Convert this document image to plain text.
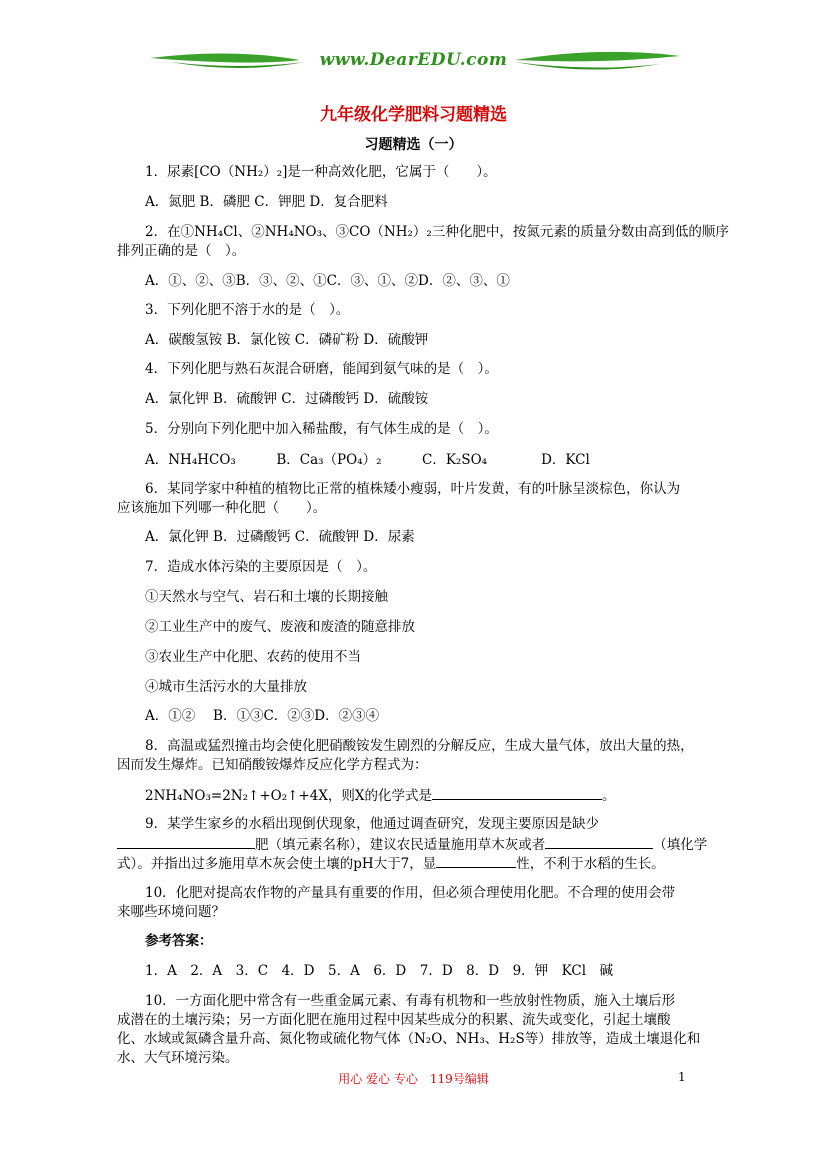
www.DearEDU.com
九年级化学肥料习题精选
习题精选（一）
1．尿素[CO（NH₂）₂]是一种高效化肥，它属于（　　）。
A．氮肥 B．磷肥 C．钾肥 D．复合肥料
2．在①NH₄Cl、②NH₄NO₃、③CO（NH₂）₂三种化肥中，按氮元素的质量分数由高到低的顺序
排列正确的是（　）。
A．①、②、③B．③、②、①C．③、①、②D．②、③、①
3．下列化肥不溶于水的是（　）。
A．碳酸氢铵 B．氯化铵 C．磷矿粉 D．硫酸钾
4．下列化肥与熟石灰混合研磨，能闻到氨气味的是（　）。
A．氯化钾 B．硫酸钾 C．过磷酸钙 D．硫酸铵
5．分别向下列化肥中加入稀盐酸，有气体生成的是（　）。
A．NH₄HCO₃　　　B．Ca₃（PO₄）₂　　　C．K₂SO₄　　　　D．KCl
6．某同学家中种植的植物比正常的植株矮小瘦弱，叶片发黄，有的叶脉呈淡棕色，你认为
应该施加下列哪一种化肥（　　）。
A．氯化钾 B．过磷酸钙 C．硫酸钾 D．尿素
7．造成水体污染的主要原因是（　）。
①天然水与空气、岩石和土壤的长期接触
②工业生产中的废气、废液和废渣的随意排放
③农业生产中化肥、农药的使用不当
④城市生活污水的大量排放
A．①②　 B．①③C．②③D．②③④
8．高温或猛烈撞击均会使化肥硝酸铵发生剧烈的分解反应，生成大量气体，放出大量的热，
因而发生爆炸。已知硝酸铵爆炸反应化学方程式为：
2NH₄NO₃=2N₂↑+O₂↑+4X，则X的化学式是	。
9．某学生家乡的水稻出现倒伏现象，他通过调查研究，发现主要原因是缺少
肥（填元素名称），建议农民适量施用草木灰或者	（填化学
式）。并指出过多施用草木灰会使土壤的pH大于7，显	性，不利于水稻的生长。
10．化肥对提高农作物的产量具有重要的作用，但必须合理使用化肥。不合理的使用会带
来哪些环境问题？
参考答案：
1．A　2．A　3．C　4．D　5．A　6．D　7．D　8．D　9．钾　KCl　碱
10．一方面化肥中常含有一些重金属元素、有毒有机物和一些放射性物质，施入土壤后形
成潜在的土壤污染；另一方面化肥在施用过程中因某些成分的积累、流失或变化，引起土壤酸
化、水域或氮磷含量升高、氮化物或硫化物气体（N₂O、NH₃、H₂S等）排放等，造成土壤退化和
水、大气环境污染。
用心 爱心 专心　119号编辑	1
